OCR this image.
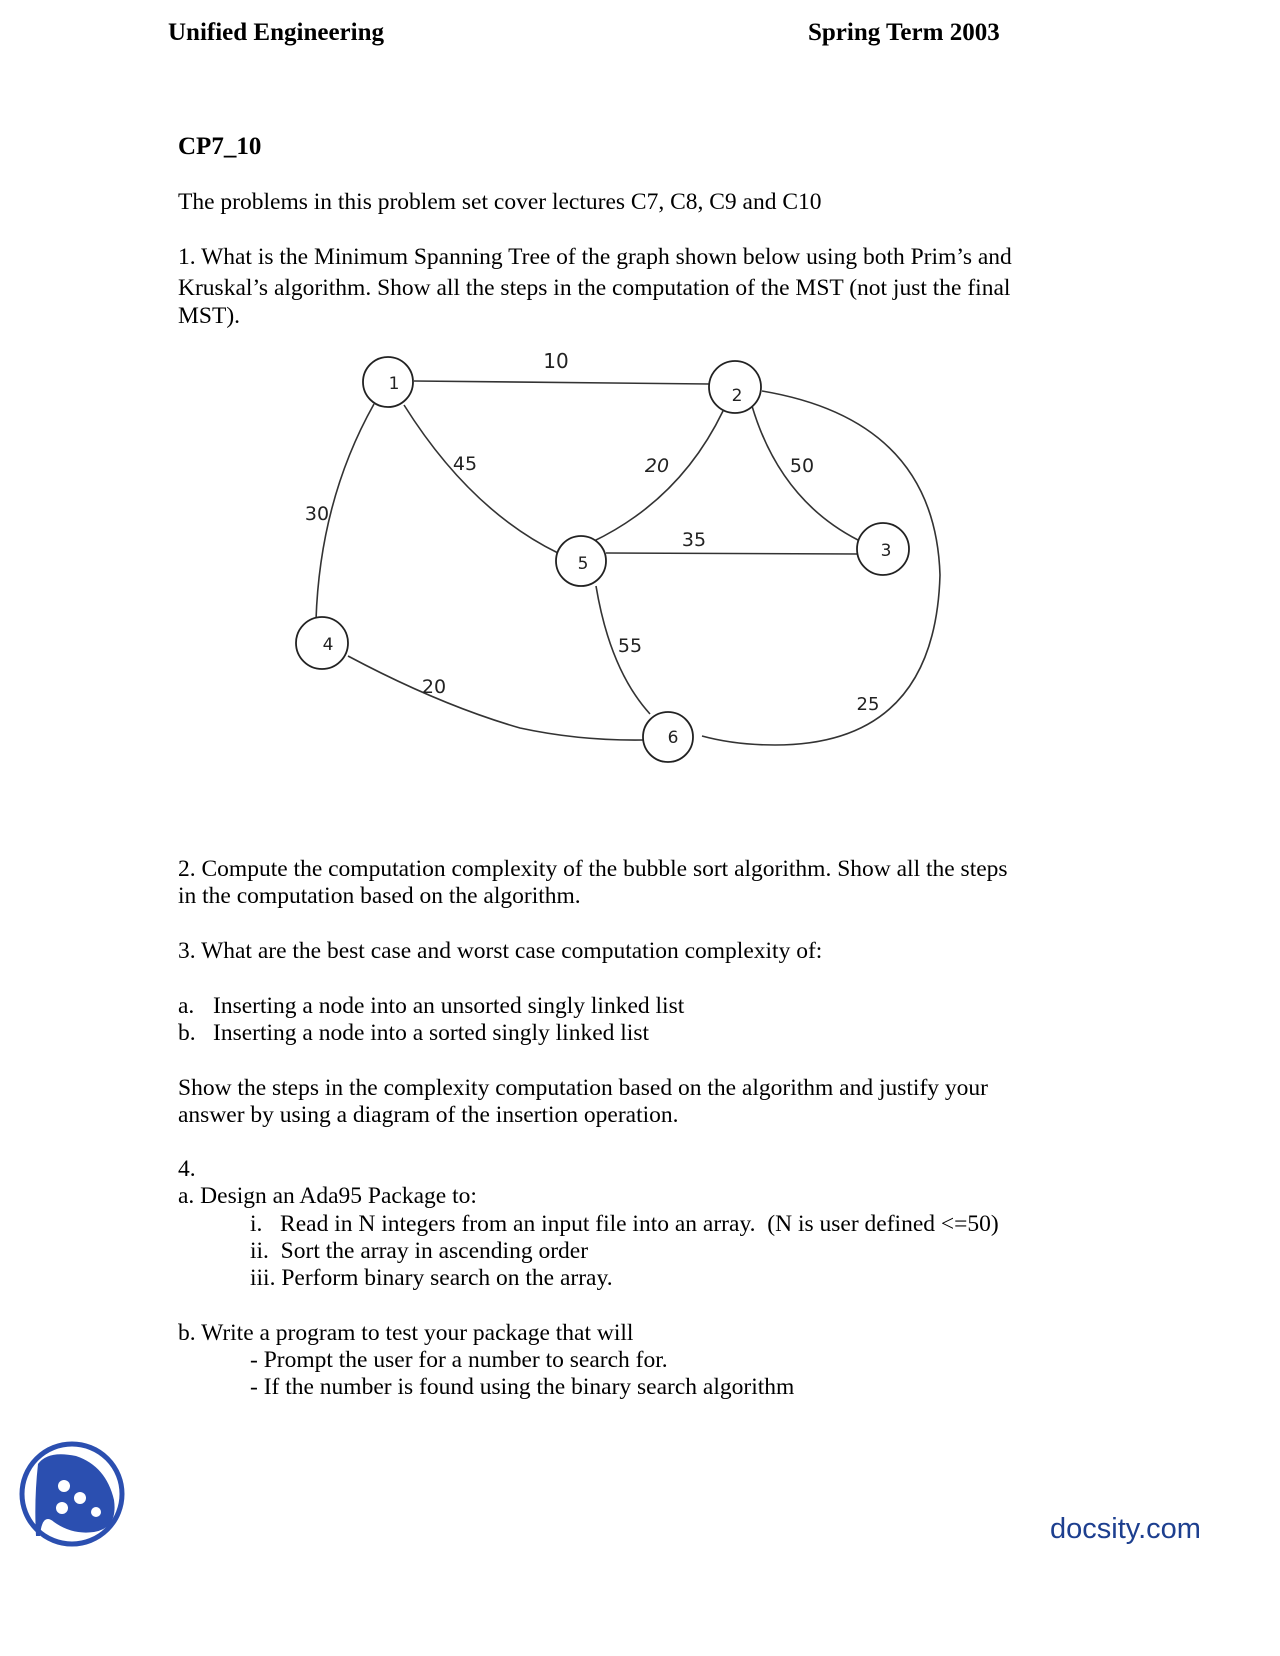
Unified Engineering	Spring Term 2003
CP7_10
The problems in this problem set cover lectures C7, C8, C9 and C10
1. What is the Minimum Spanning Tree of the graph shown below using both Prim’s and
Kruskal’s algorithm. Show all the steps in the computation of the MST (not just the final
MST).
10
45
30
20	50
25
35
55
20
1
2
3
4
5
6
2. Compute the computation complexity of the bubble sort algorithm. Show all the steps
in the computation based on the algorithm.
3. What are the best case and worst case computation complexity of:
a. Inserting a node into an unsorted singly linked list
b. Inserting a node into a sorted singly linked list
Show the steps in the complexity computation based on the algorithm and justify your
answer by using a diagram of the insertion operation.
4.
a. Design an Ada95 Package to:
i.   Read in N integers from an input file into an array.  (N is user defined <=50)
ii.  Sort the array in ascending order
iii. Perform binary search on the array.
b. Write a program to test your package that will
- Prompt the user for a number to search for.
- If the number is found using the binary search algorithm
docsity.com
